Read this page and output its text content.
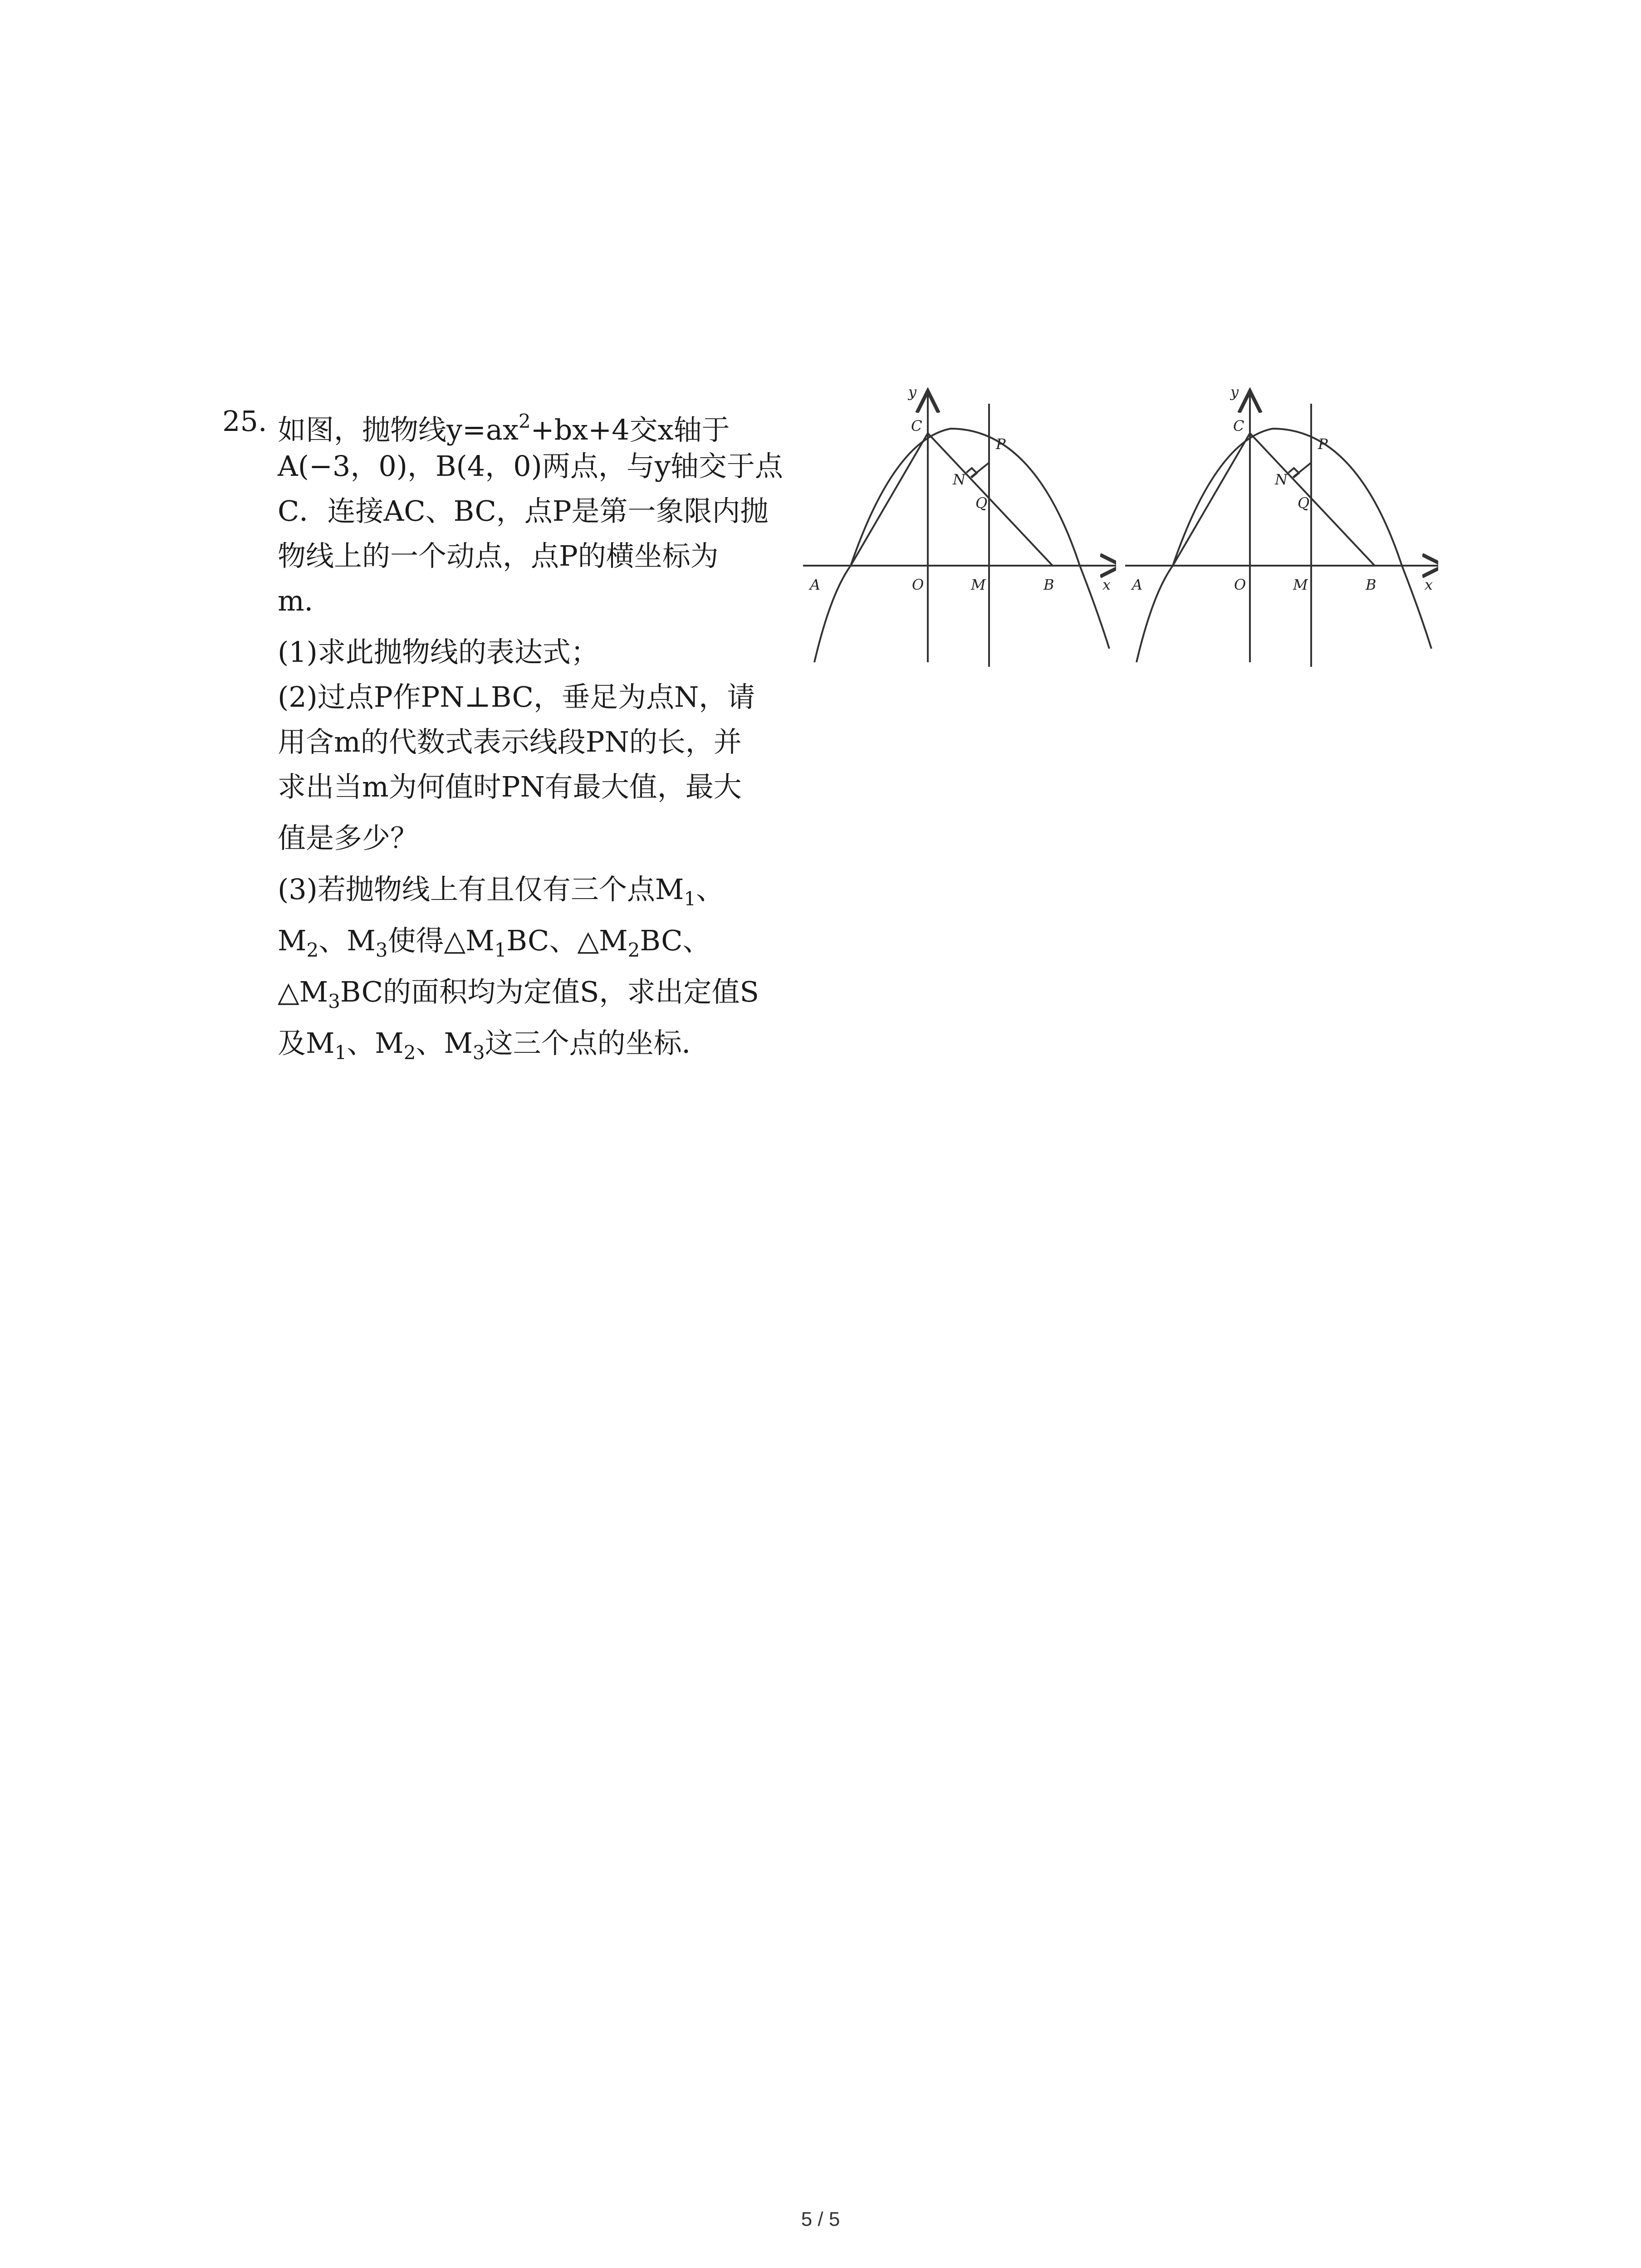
25. 如图，抛物线$y=ax^2+bx+4$交x轴于
A(−3，0)，B(4，0)两点，与y轴交于点
C．连接AC、BC，点P是第一象限内抛
物线上的一个动点，点P的横坐标为
m．
(1)求此抛物线的表达式；
(2)过点P作PN⊥BC，垂足为点N，请
用含m的代数式表示线段PN的长，并
求出当m为何值时PN有最大值，最大
值是多少？
(3)若抛物线上有且仅有三个点$M_1$、
$M_2$、$M_3$使得$\triangle M_1BC$、$\triangle M_2BC$、
$\triangle M_3BC$的面积均为定值S，求出定值S
及$M_1$、$M_2$、$M_3$这三个点的坐标．
y
x
A	O	M	B
C
P
N
Q
y
x
A	O	M	B
C
P
N
Q
5 / 5
